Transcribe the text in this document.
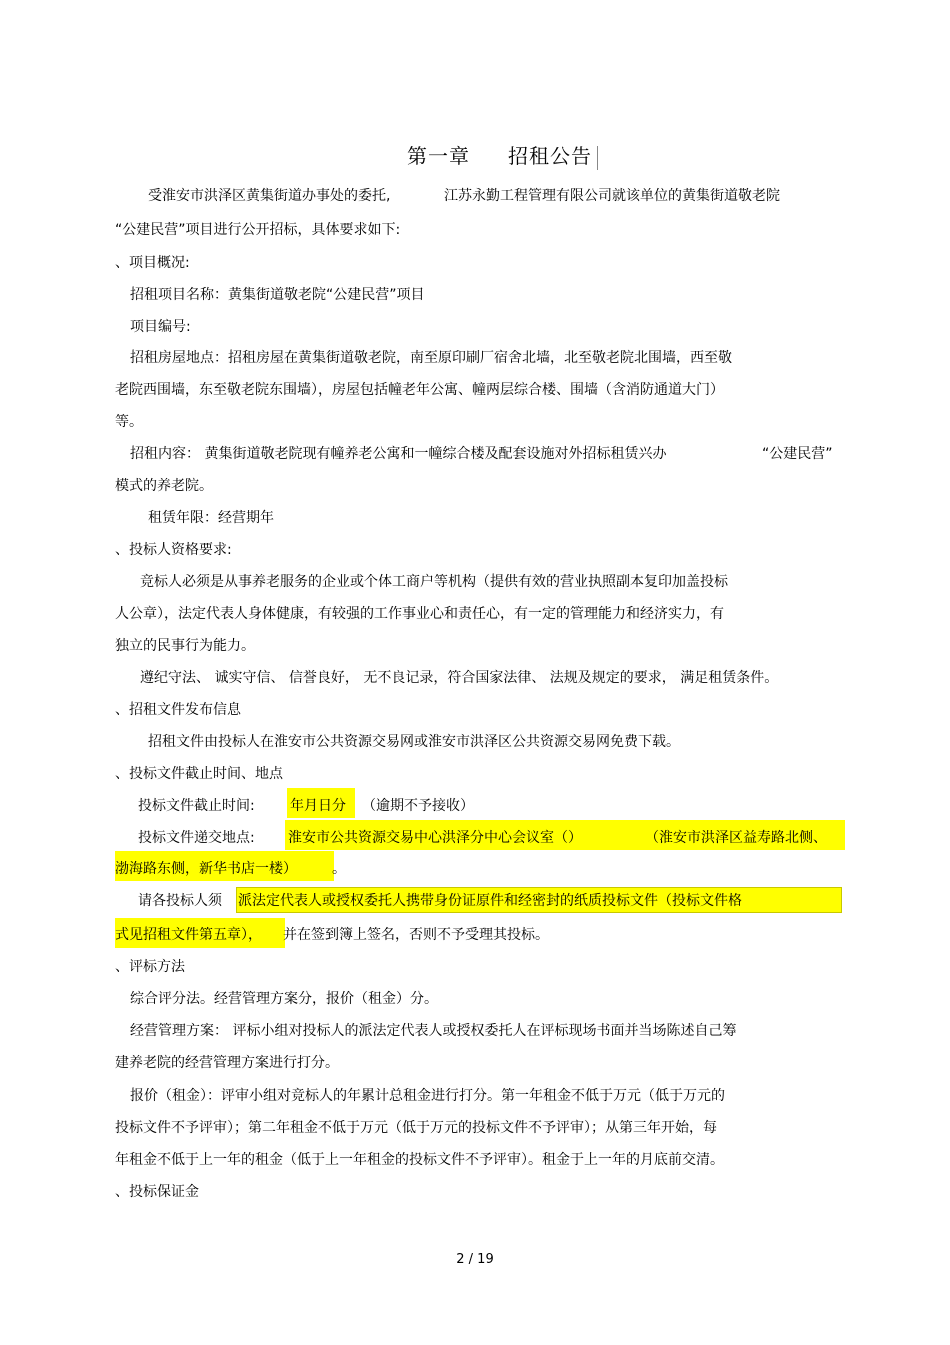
第一章 招租公告
受淮安市洪泽区黄集街道办事处的委托,	江苏永勤工程管理有限公司就该单位的黄集街道敬老院
“公建民营”项目进行公开招标，具体要求如下:
、项目概况:
招租项目名称：黄集街道敬老院“公建民营”项目
项目编号:
招租房屋地点：招租房屋在黄集街道敬老院，南至原印刷厂宿舍北墙，北至敬老院北围墙，西至敬
老院西围墙，东至敬老院东围墙），房屋包括幢老年公寓、幢两层综合楼、围墙（含消防通道大门）
等。
招租内容： 黄集街道敬老院现有幢养老公寓和一幢综合楼及配套设施对外招标租赁兴办	“公建民营”
模式的养老院。
租赁年限：经营期年
、投标人资格要求:
竞标人必须是从事养老服务的企业或个体工商户等机构（提供有效的营业执照副本复印加盖投标
人公章），法定代表人身体健康，有较强的工作事业心和责任心，有一定的管理能力和经济实力，有
独立的民事行为能力。
遵纪守法、 诚实守信、 信誉良好， 无不良记录，符合国家法律、 法规及规定的要求， 满足租赁条件。
、招租文件发布信息
招租文件由投标人在淮安市公共资源交易网或淮安市洪泽区公共资源交易网免费下载。
、投标文件截止时间、地点
投标文件截止时间:	年月日分 （逾期不予接收）
投标文件递交地点: 淮安市公共资源交易中心洪泽分中心会议室（）	（淮安市洪泽区益寿路北侧、
渤海路东侧，新华书店一楼）	。
请各投标人须 派法定代表人或授权委托人携带身份证原件和经密封的纸质投标文件（投标文件格
式见招租文件第五章）， 并在签到簿上签名，否则不予受理其投标。
、评标方法
综合评分法。经营管理方案分，报价（租金）分。
经营管理方案： 评标小组对投标人的派法定代表人或授权委托人在评标现场书面并当场陈述自己筹
建养老院的经营管理方案进行打分。
报价（租金）：评审小组对竞标人的年累计总租金进行打分。第一年租金不低于万元（低于万元的
投标文件不予评审）；第二年租金不低于万元（低于万元的投标文件不予评审）；从第三年开始，每
年租金不低于上一年的租金（低于上一年租金的投标文件不予评审）。租金于上一年的月底前交清。
、投标保证金
2 / 19
